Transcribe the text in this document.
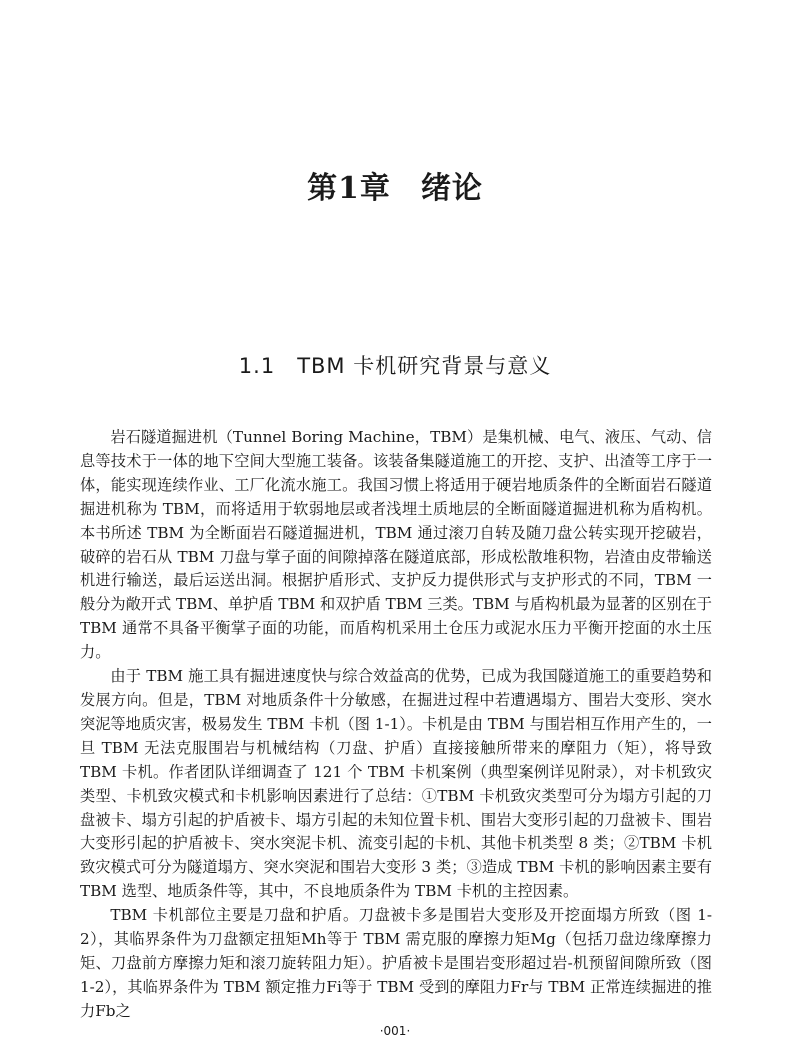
第1章 绪论
1.1 TBM 卡机研究背景与意义

岩石隧道掘进机（Tunnel Boring Machine，TBM）是集机械、电气、液压、气动、信息等技术于一体的地下空间大型施工装备。该装备集隧道施工的开挖、支护、出渣等工序于一体，能实现连续作业、工厂化流水施工。我国习惯上将适用于硬岩地质条件的全断面岩石隧道掘进机称为 TBM，而将适用于软弱地层或者浅埋土质地层的全断面隧道掘进机称为盾构机。本书所述 TBM 为全断面岩石隧道掘进机，TBM 通过滚刀自转及随刀盘公转实现开挖破岩，破碎的岩石从 TBM 刀盘与掌子面的间隙掉落在隧道底部，形成松散堆积物，岩渣由皮带输送机进行输送，最后运送出洞。根据护盾形式、支护反力提供形式与支护形式的不同，TBM 一般分为敞开式 TBM、单护盾 TBM 和双护盾 TBM 三类。TBM 与盾构机最为显著的区别在于 TBM 通常不具备平衡掌子面的功能，而盾构机采用土仓压力或泥水压力平衡开挖面的水土压力。

由于 TBM 施工具有掘进速度快与综合效益高的优势，已成为我国隧道施工的重要趋势和发展方向。但是，TBM 对地质条件十分敏感，在掘进过程中若遭遇塌方、围岩大变形、突水突泥等地质灾害，极易发生 TBM 卡机（图 1-1）。卡机是由 TBM 与围岩相互作用产生的，一旦 TBM 无法克服围岩与机械结构（刀盘、护盾）直接接触所带来的摩阻力（矩），将导致 TBM 卡机。作者团队详细调查了 121 个 TBM 卡机案例（典型案例详见附录），对卡机致灾类型、卡机致灾模式和卡机影响因素进行了总结：①TBM 卡机致灾类型可分为塌方引起的刀盘被卡、塌方引起的护盾被卡、塌方引起的未知位置卡机、围岩大变形引起的刀盘被卡、围岩大变形引起的护盾被卡、突水突泥卡机、流变引起的卡机、其他卡机类型 8 类；②TBM 卡机致灾模式可分为隧道塌方、突水突泥和围岩大变形 3 类；③造成 TBM 卡机的影响因素主要有 TBM 选型、地质条件等，其中，不良地质条件为 TBM 卡机的主控因素。

TBM 卡机部位主要是刀盘和护盾。刀盘被卡多是围岩大变形及开挖面塌方所致（图 1-2），其临界条件为刀盘额定扭矩Mh等于 TBM 需克服的摩擦力矩Mg（包括刀盘边缘摩擦力矩、刀盘前方摩擦力矩和滚刀旋转阻力矩）。护盾被卡是围岩变形超过岩-机预留间隙所致（图 1-2），其临界条件为 TBM 额定推力Fi等于 TBM 受到的摩阻力Fr与 TBM 正常连续掘进的推力Fb之

·001·
